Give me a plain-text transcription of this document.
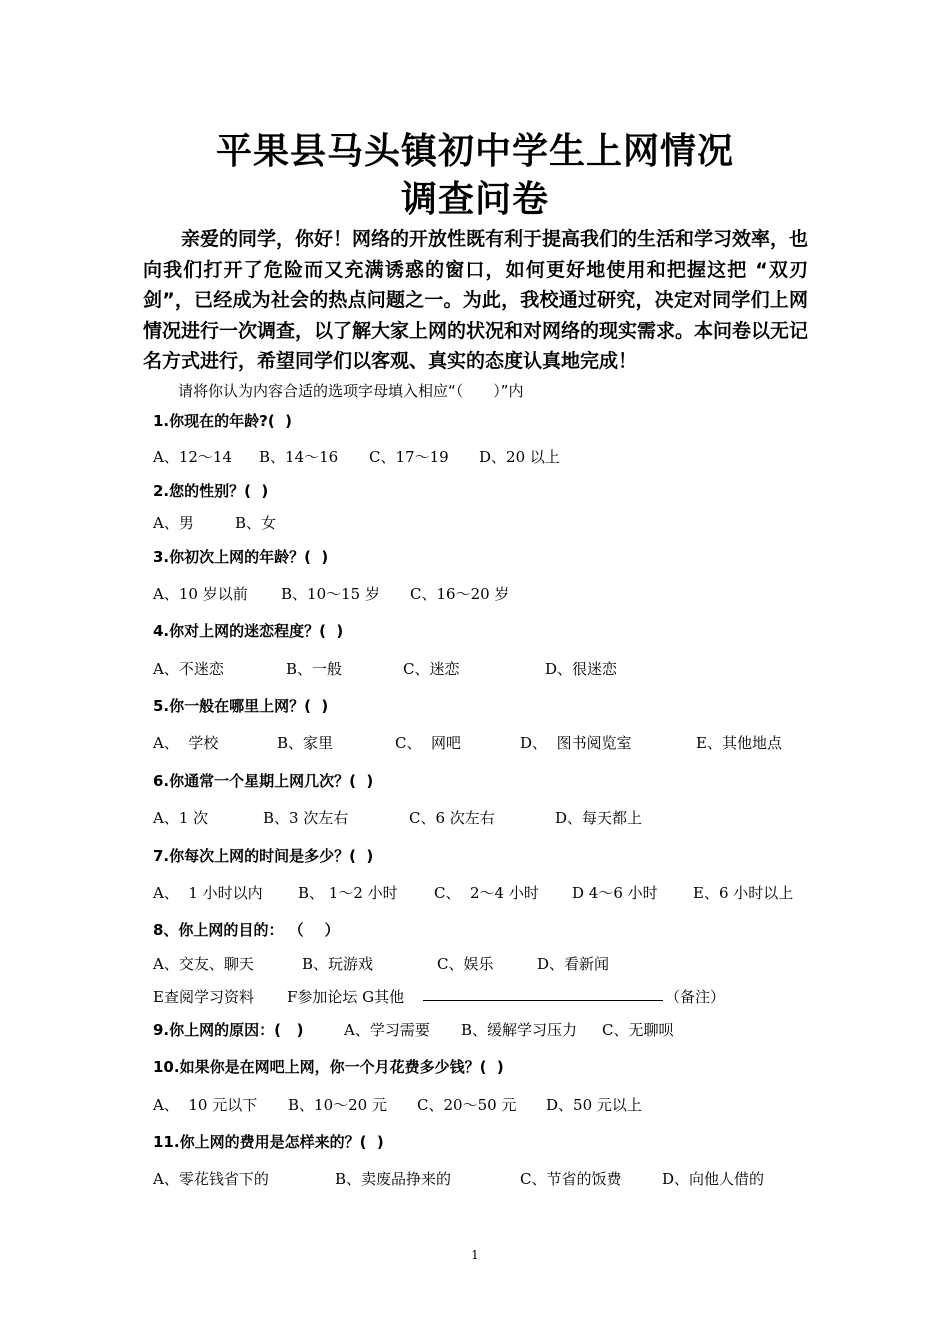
平果县马头镇初中学生上网情况
调查问卷

亲爱的同学，你好！网络的开放性既有利于提高我们的生活和学习效率，也向我们打开了危险而又充满诱惑的窗口，如何更好地使用和把握这把 “双刃剑”，已经成为社会的热点问题之一。为此，我校通过研究，决定对同学们上网情况进行一次调查，以了解大家上网的状况和对网络的现实需求。本问卷以无记名方式进行，希望同学们以客观、真实的态度认真地完成！

请将你认为内容合适的选项字母填入相应“（　　）”内
1.你现在的年龄?(  )
A、12～14 B、14～16 C、17～19 D、20 以上
2.您的性别？(  )
A、男	B、女
3.你初次上网的年龄？(  )
A、10 岁以前 B、10～15 岁 C、16～20 岁
4.你对上网的迷恋程度？(  )
A、不迷恋	B、一般	C、迷恋	D、很迷恋
5.你一般在哪里上网？(  )
A、  学校	B、家里	C、  网吧	D、  图书阅览室	E、其他地点
6.你通常一个星期上网几次？(  )
A、1 次	B、3 次左右	C、6 次左右	D、每天都上
7.你每次上网的时间是多少？(  )
A、  1 小时以内 B、 1～2 小时 C、  2～4 小时 D 4～6 小时 E、6 小时以上
8、你上网的目的： （    ）
A、交友、聊天	B、玩游戏	C、娱乐	D、看新闻
E查阅学习资料 F参加论坛 G其他	（备注）
9.你上网的原因：(   )	A、学习需要 B、缓解学习压力 C、无聊呗
10.如果你是在网吧上网，你一个月花费多少钱？(  )
A、  10 元以下 B、10～20 元 C、20～50 元 D、50 元以上
11.你上网的费用是怎样来的？(  )
A、零花钱省下的	B、卖废品挣来的	C、节省的饭费	D、向他人借的
1
